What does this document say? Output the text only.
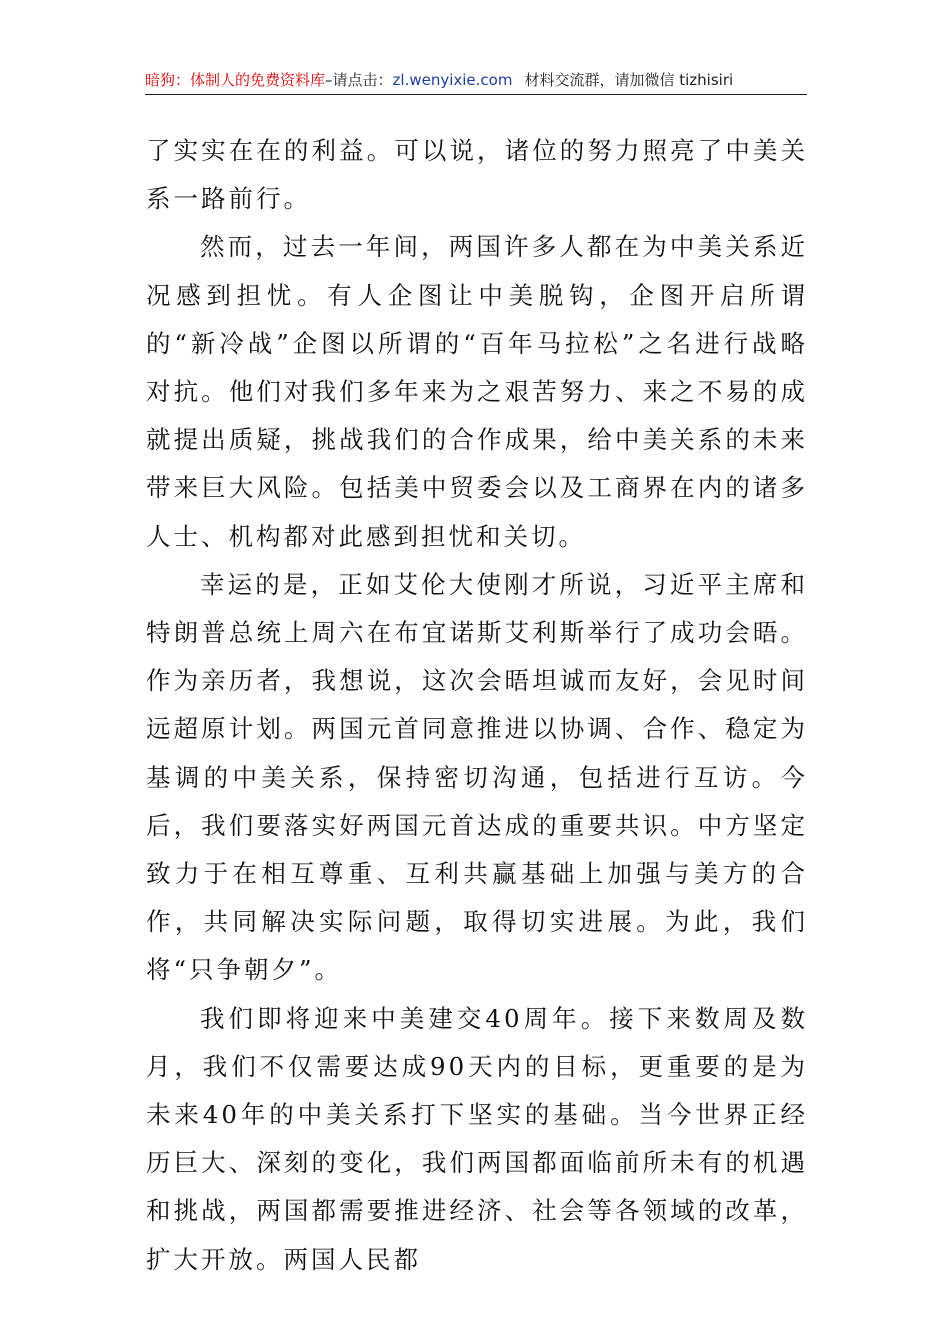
暗狗：体制人的免费资料库–请点击：zl.wenyixie.com 材料交流群，请加微信 tizhisiri

了实实在在的利益。可以说，诸位的努力照亮了中美关系一路前行。

然而，过去一年间，两国许多人都在为中美关系近况感到担忧。有人企图让中美脱钩，企图开启所谓的“新冷战”企图以所谓的“百年马拉松”之名进行战略对抗。他们对我们多年来为之艰苦努力、来之不易的成就提出质疑，挑战我们的合作成果，给中美关系的未来带来巨大风险。包括美中贸委会以及工商界在内的诸多人士、机构都对此感到担忧和关切。

幸运的是，正如艾伦大使刚才所说，习近平主席和特朗普总统上周六在布宜诺斯艾利斯举行了成功会晤。作为亲历者，我想说，这次会晤坦诚而友好，会见时间远超原计划。两国元首同意推进以协调、合作、稳定为基调的中美关系，保持密切沟通，包括进行互访。今后，我们要落实好两国元首达成的重要共识。中方坚定致力于在相互尊重、互利共赢基础上加强与美方的合作，共同解决实际问题，取得切实进展。为此，我们将“只争朝夕”。

我们即将迎来中美建交40周年。接下来数周及数月，我们不仅需要达成90天内的目标，更重要的是为未来40年的中美关系打下坚实的基础。当今世界正经历巨大、深刻的变化，我们两国都面临前所未有的机遇和挑战，两国都需要推进经济、社会等各领域的改革，扩大开放。两国人民都
